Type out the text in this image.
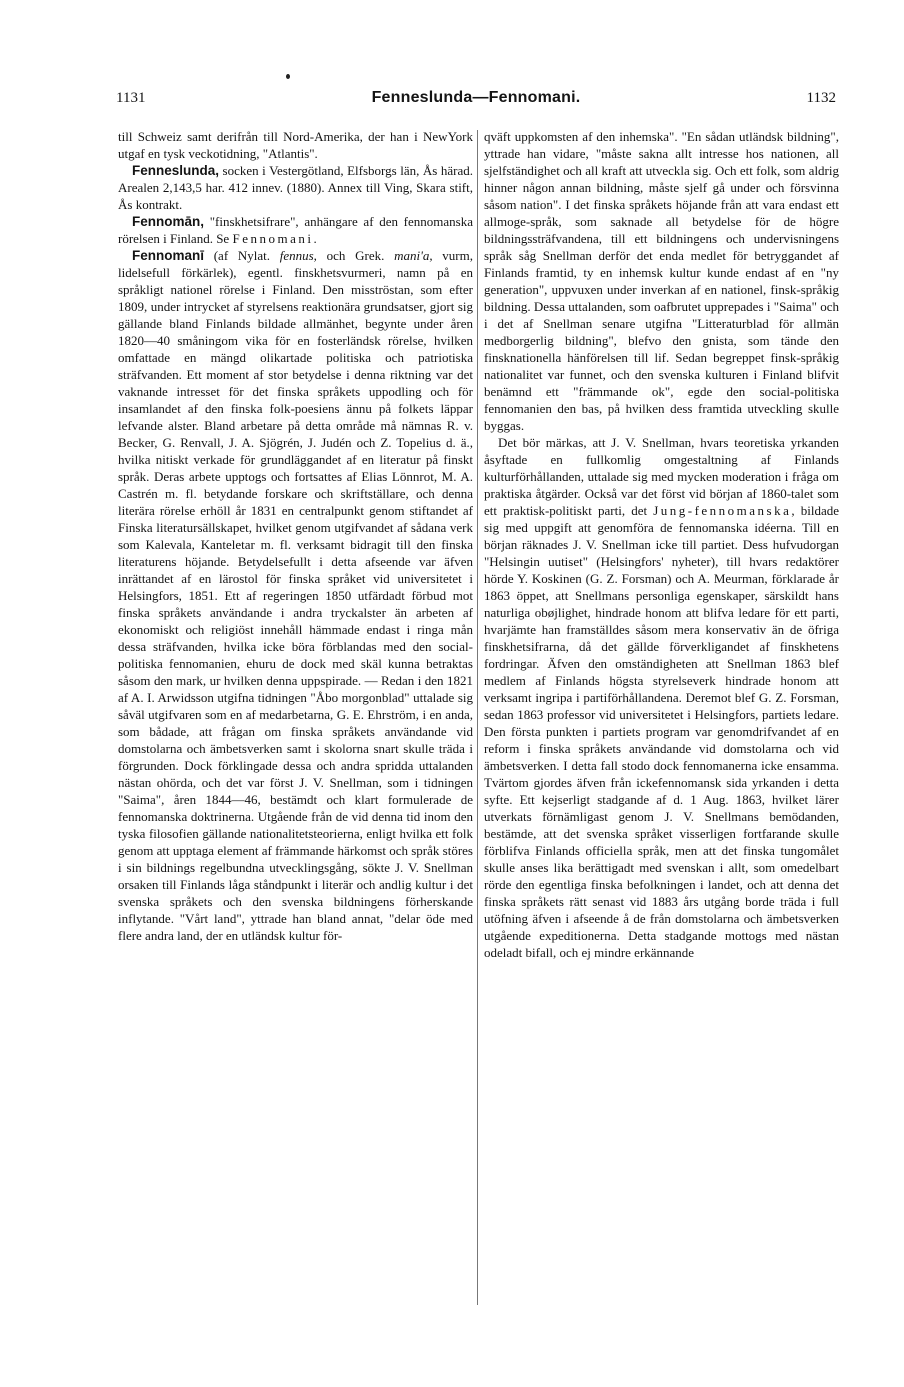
1131	Fenneslunda—Fennomani.	1132

till Schweiz samt derifrån till Nord-Amerika, der han i NewYork utgaf en tysk veckotidning, "Atlantis".

Fenneslunda, socken i Vestergötland, Elfsborgs län, Ås härad. Arealen 2,143,5 har. 412 innev. (1880). Annex till Ving, Skara stift, Ås kontrakt.

Fennomān, "finskhetsifrare", anhängare af den fennomanska rörelsen i Finland. Se Fennomani.

Fennomanī (af Nylat. fennus, och Grek. maniʹa, vurm, lidelsefull förkärlek), egentl. finskhetsvurmeri, namn på en språkligt nationel rörelse i Finland. Den misströstan, som efter 1809, under intrycket af styrelsens reaktionära grundsatser, gjort sig gällande bland Finlands bildade allmänhet, begynte under åren 1820—40 småningom vika för en fosterländsk rörelse, hvilken omfattade en mängd olikartade politiska och patriotiska sträfvanden. Ett moment af stor betydelse i denna riktning var det vaknande intresset för det finska språkets uppodling och för insamlandet af den finska folk-poesiens ännu på folkets läppar lefvande alster. Bland arbetare på detta område må nämnas R. v. Becker, G. Renvall, J. A. Sjögrén, J. Judén och Z. Topelius d. ä., hvilka nitiskt verkade för grundläggandet af en literatur på finskt språk. Deras arbete upptogs och fortsattes af Elias Lönnrot, M. A. Castrén m. fl. betydande forskare och skriftställare, och denna literära rörelse erhöll år 1831 en centralpunkt genom stiftandet af Finska literatursällskapet, hvilket genom utgifvandet af sådana verk som Kalevala, Kanteletar m. fl. verksamt bidragit till den finska literaturens höjande. Betydelsefullt i detta afseende var äfven inrättandet af en lärostol för finska språket vid universitetet i Helsingfors, 1851. Ett af regeringen 1850 utfärdadt förbud mot finska språkets användande i andra tryckalster än arbeten af ekonomiskt och religiöst innehåll hämmade endast i ringa mån dessa sträfvanden, hvilka icke böra förblandas med den social-politiska fennomanien, ehuru de dock med skäl kunna betraktas såsom den mark, ur hvilken denna uppspirade. — Redan i den 1821 af A. I. Arwidsson utgifna tidningen "Åbo morgonblad" uttalade sig såväl utgifvaren som en af medarbetarna, G. E. Ehrström, i en anda, som bådade, att frågan om finska språkets användande vid domstolarna och ämbetsverken samt i skolorna snart skulle träda i förgrunden. Dock förklingade dessa och andra spridda uttalanden nästan ohörda, och det var först J. V. Snellman, som i tidningen "Saima", åren 1844—46, bestämdt och klart formulerade de fennomanska doktrinerna. Utgående från de vid denna tid inom den tyska filosofien gällande nationalitetsteorierna, enligt hvilka ett folk genom att upptaga element af främmande härkomst och språk störes i sin bildnings regelbundna utvecklingsgång, sökte J. V. Snellman orsaken till Finlands låga ståndpunkt i literär och andlig kultur i det svenska språkets och den svenska bildningens förherskande inflytande. "Vårt land", yttrade han bland annat, "delar öde med flere andra land, der en utländsk kultur för-

qväft uppkomsten af den inhemska". "En sådan utländsk bildning", yttrade han vidare, "måste sakna allt intresse hos nationen, all sjelfständighet och all kraft att utveckla sig. Och ett folk, som aldrig hinner någon annan bildning, måste sjelf gå under och försvinna såsom nation". I det finska språkets höjande från att vara endast ett allmoge-språk, som saknade all betydelse för de högre bildningssträfvandena, till ett bildningens och undervisningens språk såg Snellman derför det enda medlet för betryggandet af Finlands framtid, ty en inhemsk kultur kunde endast af en "ny generation", uppvuxen under inverkan af en nationel, finsk-språkig bildning. Dessa uttalanden, som oafbrutet upprepades i "Saima" och i det af Snellman senare utgifna "Litteraturblad för allmän medborgerlig bildning", blefvo den gnista, som tände den finsknationella hänförelsen till lif. Sedan begreppet finsk-språkig nationalitet var funnet, och den svenska kulturen i Finland blifvit benämnd ett "främmande ok", egde den social-politiska fennomanien den bas, på hvilken dess framtida utveckling skulle byggas.

Det bör märkas, att J. V. Snellman, hvars teoretiska yrkanden åsyftade en fullkomlig omgestaltning af Finlands kulturförhållanden, uttalade sig med mycken moderation i fråga om praktiska åtgärder. Också var det först vid början af 1860-talet som ett praktisk-politiskt parti, det Jung-fennomanska, bildade sig med uppgift att genomföra de fennomanska idéerna. Till en början räknades J. V. Snellman icke till partiet. Dess hufvudorgan "Helsingin uutiset" (Helsingfors' nyheter), till hvars redaktörer hörde Y. Koskinen (G. Z. Forsman) och A. Meurman, förklarade år 1863 öppet, att Snellmans personliga egenskaper, särskildt hans naturliga obøjlighet, hindrade honom att blifva ledare för ett parti, hvarjämte han framställdes såsom mera konservativ än de öfriga finskhetsifrarna, då det gällde förverkligandet af finskhetens fordringar. Äfven den omständigheten att Snellman 1863 blef medlem af Finlands högsta styrelseverk hindrade honom att verksamt ingripa i partiförhållandena. Deremot blef G. Z. Forsman, sedan 1863 professor vid universitetet i Helsingfors, partiets ledare. Den första punkten i partiets program var genomdrifvandet af en reform i finska språkets användande vid domstolarna och vid ämbetsverken. I detta fall stodo dock fennomanerna icke ensamma. Tvärtom gjordes äfven från ickefennomansk sida yrkanden i detta syfte. Ett kejserligt stadgande af d. 1 Aug. 1863, hvilket lärer utverkats förnämligast genom J. V. Snellmans bemödanden, bestämde, att det svenska språket visserligen fortfarande skulle förblifva Finlands officiella språk, men att det finska tungomålet skulle anses lika berättigadt med svenskan i allt, som omedelbart rörde den egentliga finska befolkningen i landet, och att denna det finska språkets rätt senast vid 1883 års utgång borde träda i full utöfning äfven i afseende å de från domstolarna och ämbetsverken utgående expeditionerna. Detta stadgande mottogs med nästan odeladt bifall, och ej mindre erkännande
